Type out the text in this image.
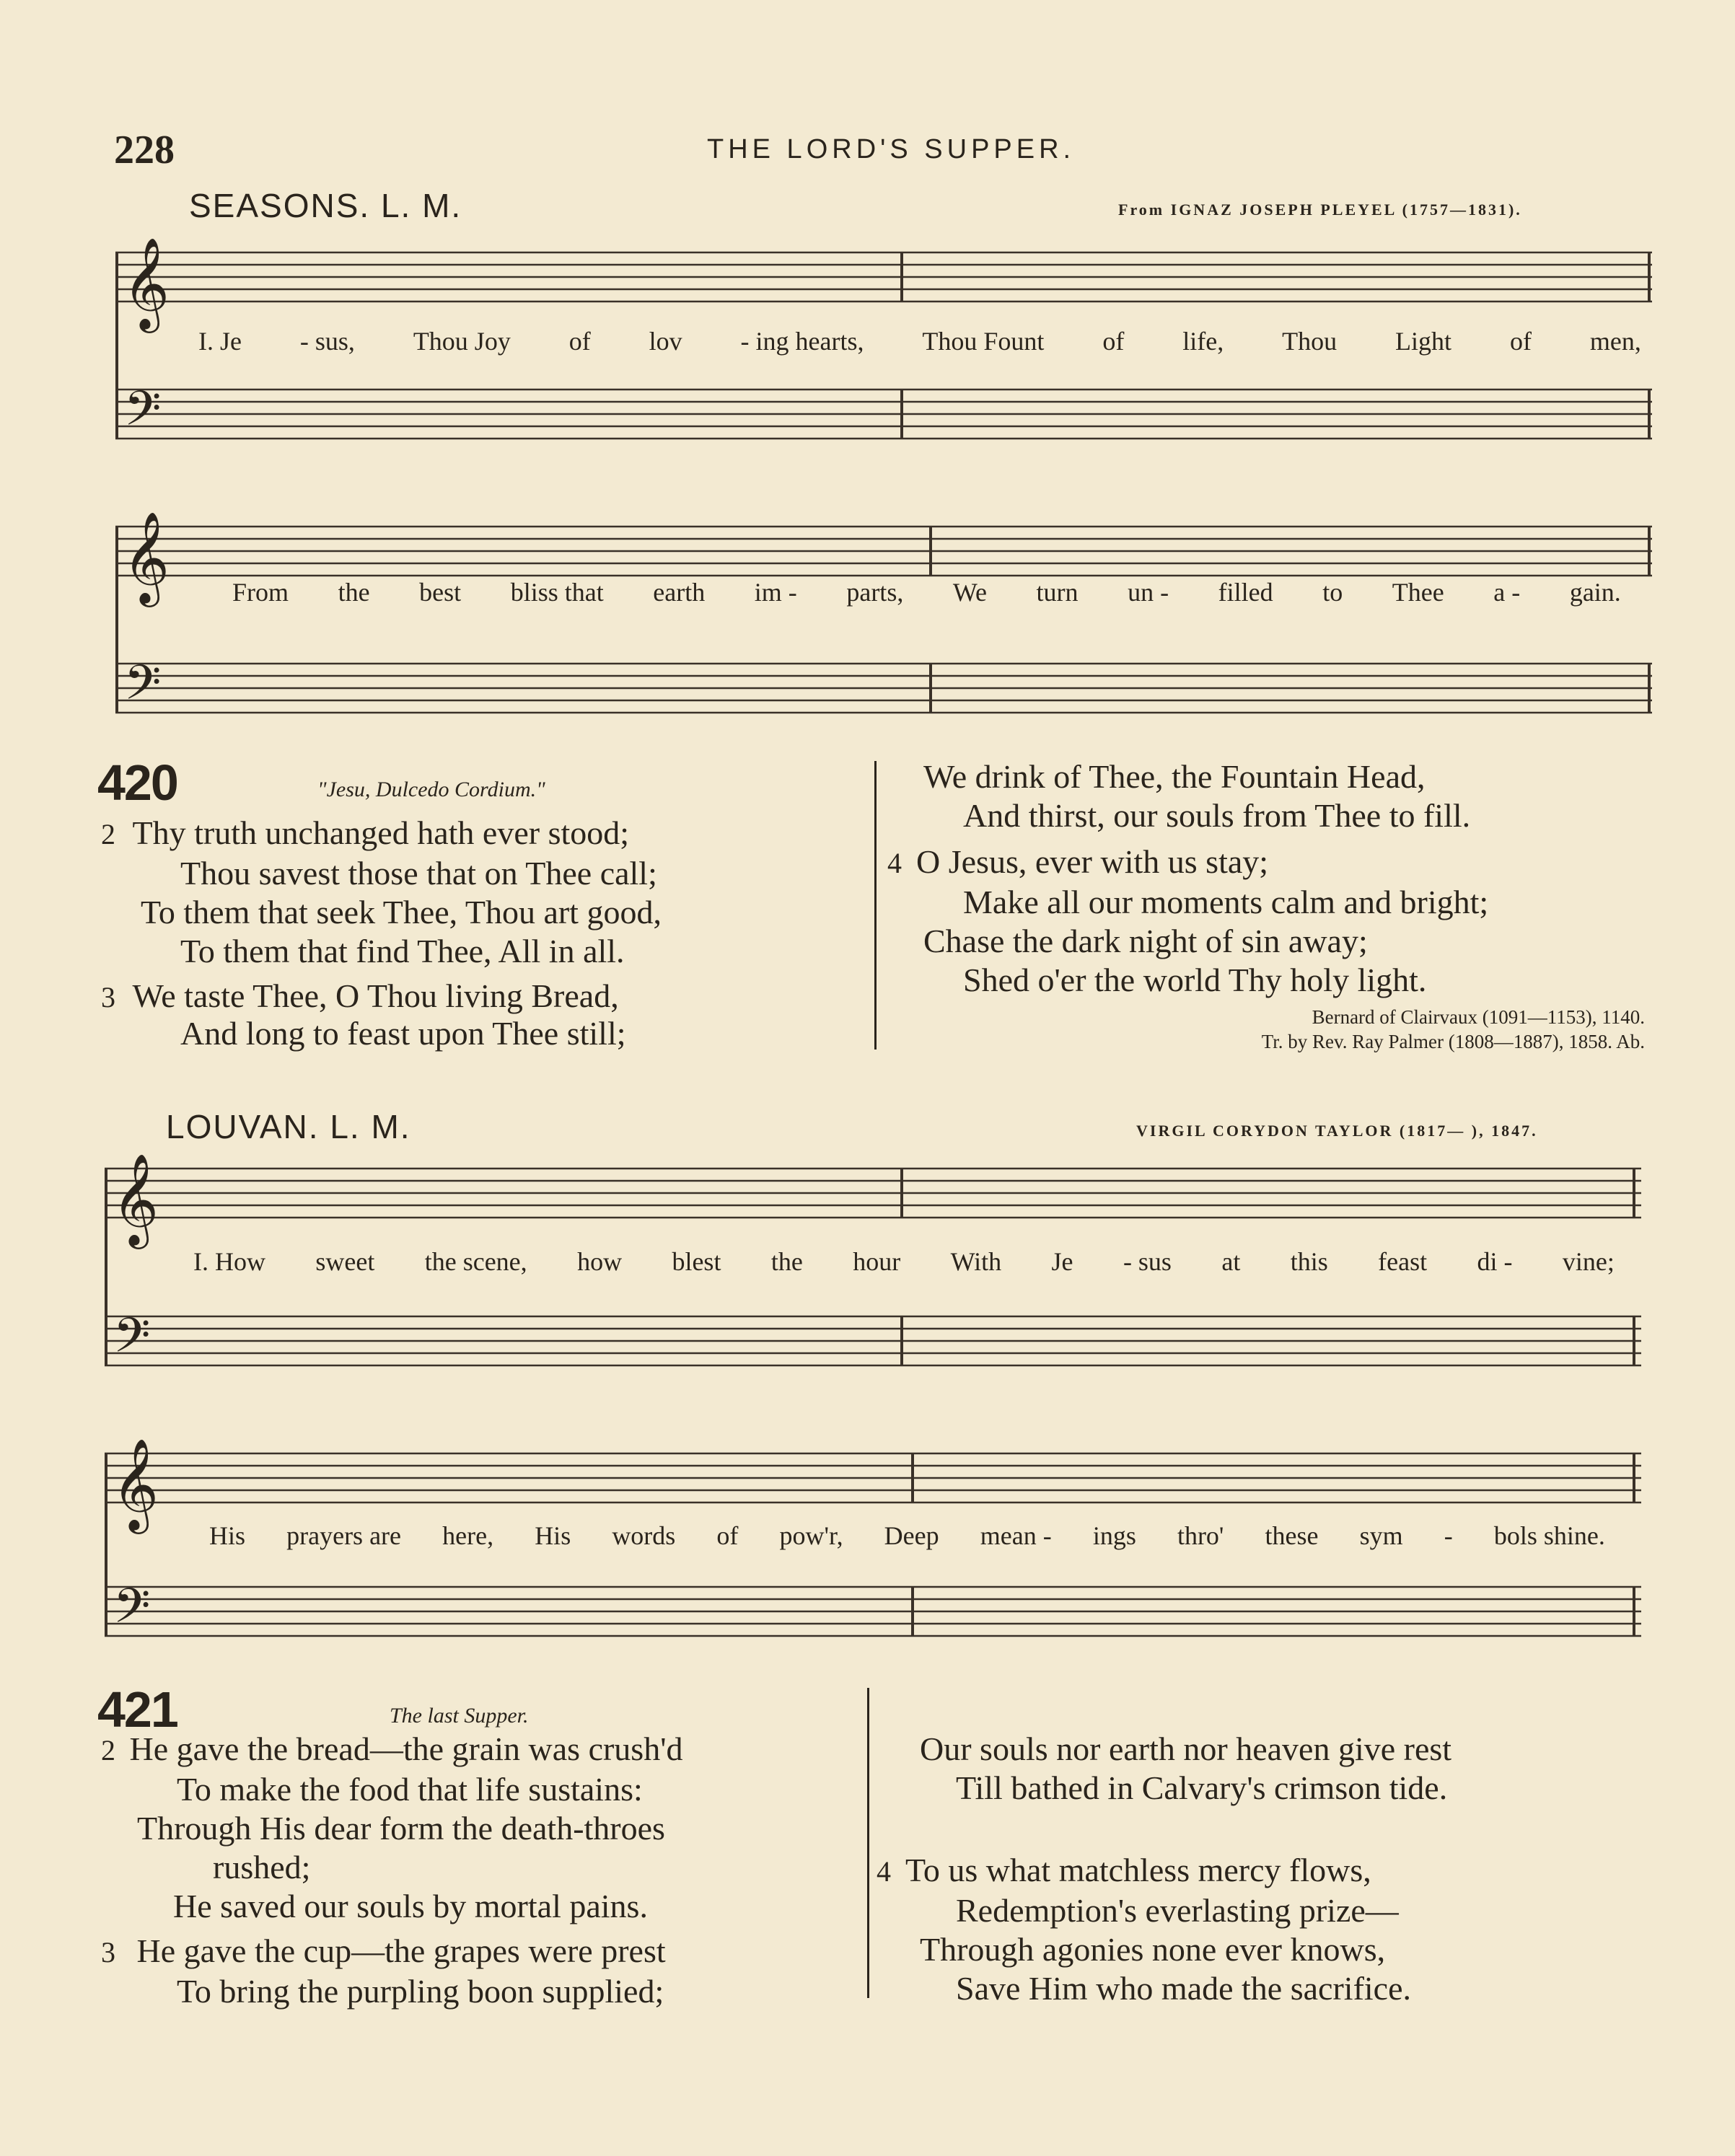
228	THE LORD'S SUPPER.
SEASONS. L. M.	From IGNAZ JOSEPH PLEYEL (1757—1831).
𝄞
𝄢
𝄞
𝄢
I. Je - sus, Thou Joy of lov - ing hearts, Thou Fount of life, Thou Light of men,
From the best bliss that earth im - parts, We turn un - filled to Thee a - gain.
420	"Jesu, Dulcedo Cordium."
2 Thy truth unchanged hath ever stood;
Thou savest those that on Thee call;
To them that seek Thee, Thou art good,
To them that find Thee, All in all.
3 We taste Thee, O Thou living Bread,
And long to feast upon Thee still;
We drink of Thee, the Fountain Head,
And thirst, our souls from Thee to fill.
4 O Jesus, ever with us stay;
Make all our moments calm and bright;
Chase the dark night of sin away;
Shed o'er the world Thy holy light.
Bernard of Clairvaux (1091—1153), 1140.
Tr. by Rev. Ray Palmer (1808—1887), 1858. Ab.
LOUVAN. L. M.	VIRGIL CORYDON TAYLOR (1817— ), 1847.
𝄞
𝄢
𝄞
𝄢
I. How sweet the scene, how blest the hour With Je - sus at this feast di - vine;
His prayers are here, His words of pow'r, Deep mean - ings thro' these sym - bols shine.
421	The last Supper.
2 He gave the bread—the grain was crush'd
To make the food that life sustains:
Through His dear form the death-throes
rushed;
He saved our souls by mortal pains.
3 He gave the cup—the grapes were prest
To bring the purpling boon supplied;
Our souls nor earth nor heaven give rest
Till bathed in Calvary's crimson tide.
4 To us what matchless mercy flows,
Redemption's everlasting prize—
Through agonies none ever knows,
Save Him who made the sacrifice.
